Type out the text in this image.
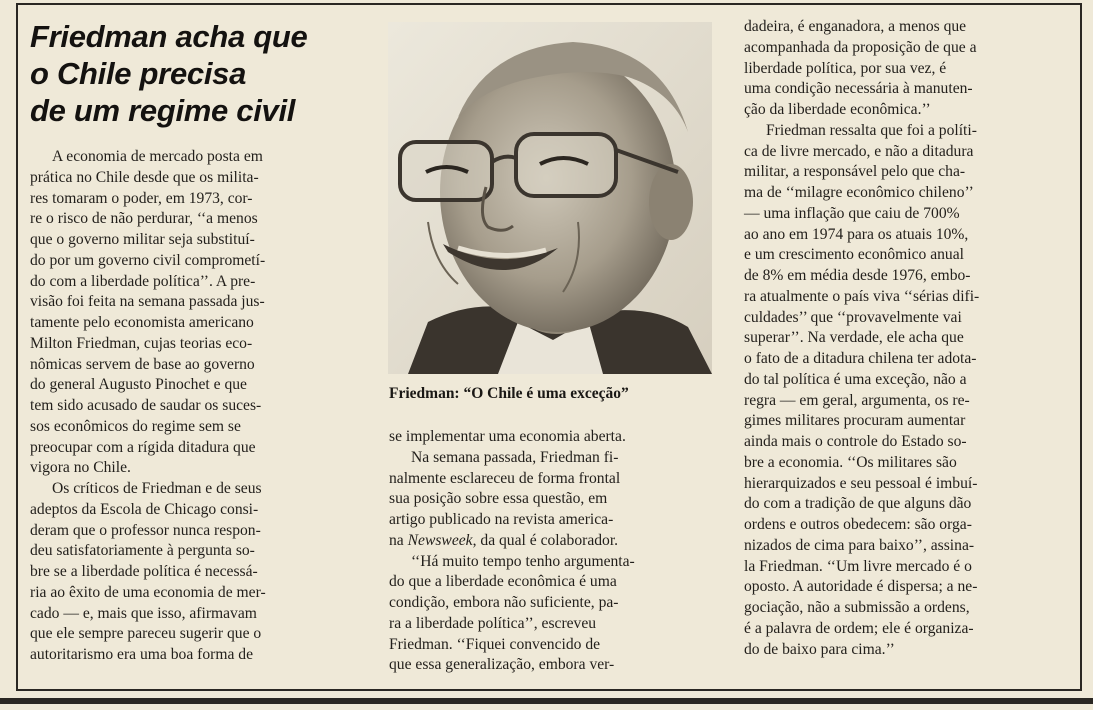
Friedman acha que
o Chile precisa
de um regime civil
A economia de mercado posta em
prática no Chile desde que os milita-
res tomaram o poder, em 1973, cor-
re o risco de não perdurar, ‘‘a menos
que o governo militar seja substituí-
do por um governo civil comprometí-
do com a liberdade política’’. A pre-
visão foi feita na semana passada jus-
tamente pelo economista americano
Milton Friedman, cujas teorias eco-
nômicas servem de base ao governo
do general Augusto Pinochet e que
tem sido acusado de saudar os suces-
sos econômicos do regime sem se
preocupar com a rígida ditadura que
vigora no Chile.
Os críticos de Friedman e de seus
adeptos da Escola de Chicago consi-
deram que o professor nunca respon-
deu satisfatoriamente à pergunta so-
bre se a liberdade política é necessá-
ria ao êxito de uma economia de mer-
cado — e, mais que isso, afirmavam
que ele sempre pareceu sugerir que o
autoritarismo era uma boa forma de
Friedman: “O Chile é uma exceção”
se implementar uma economia aberta.
Na semana passada, Friedman fi-
nalmente esclareceu de forma frontal
sua posição sobre essa questão, em
artigo publicado na revista america-
na Newsweek, da qual é colaborador.
‘‘Há muito tempo tenho argumenta-
do que a liberdade econômica é uma
condição, embora não suficiente, pa-
ra a liberdade política’’, escreveu
Friedman. ‘‘Fiquei convencido de
que essa generalização, embora ver-
dadeira, é enganadora, a menos que
acompanhada da proposição de que a
liberdade política, por sua vez, é
uma condição necessária à manuten-
ção da liberdade econômica.’’
Friedman ressalta que foi a políti-
ca de livre mercado, e não a ditadura
militar, a responsável pelo que cha-
ma de ‘‘milagre econômico chileno’’
— uma inflação que caiu de 700%
ao ano em 1974 para os atuais 10%,
e um crescimento econômico anual
de 8% em média desde 1976, embo-
ra atualmente o país viva ‘‘sérias difi-
culdades’’ que ‘‘provavelmente vai
superar’’. Na verdade, ele acha que
o fato de a ditadura chilena ter adota-
do tal política é uma exceção, não a
regra — em geral, argumenta, os re-
gimes militares procuram aumentar
ainda mais o controle do Estado so-
bre a economia. ‘‘Os militares são
hierarquizados e seu pessoal é imbuí-
do com a tradição de que alguns dão
ordens e outros obedecem: são orga-
nizados de cima para baixo’’, assina-
la Friedman. ‘‘Um livre mercado é o
oposto. A autoridade é dispersa; a ne-
gociação, não a submissão a ordens,
é a palavra de ordem; ele é organiza-
do de baixo para cima.’’
